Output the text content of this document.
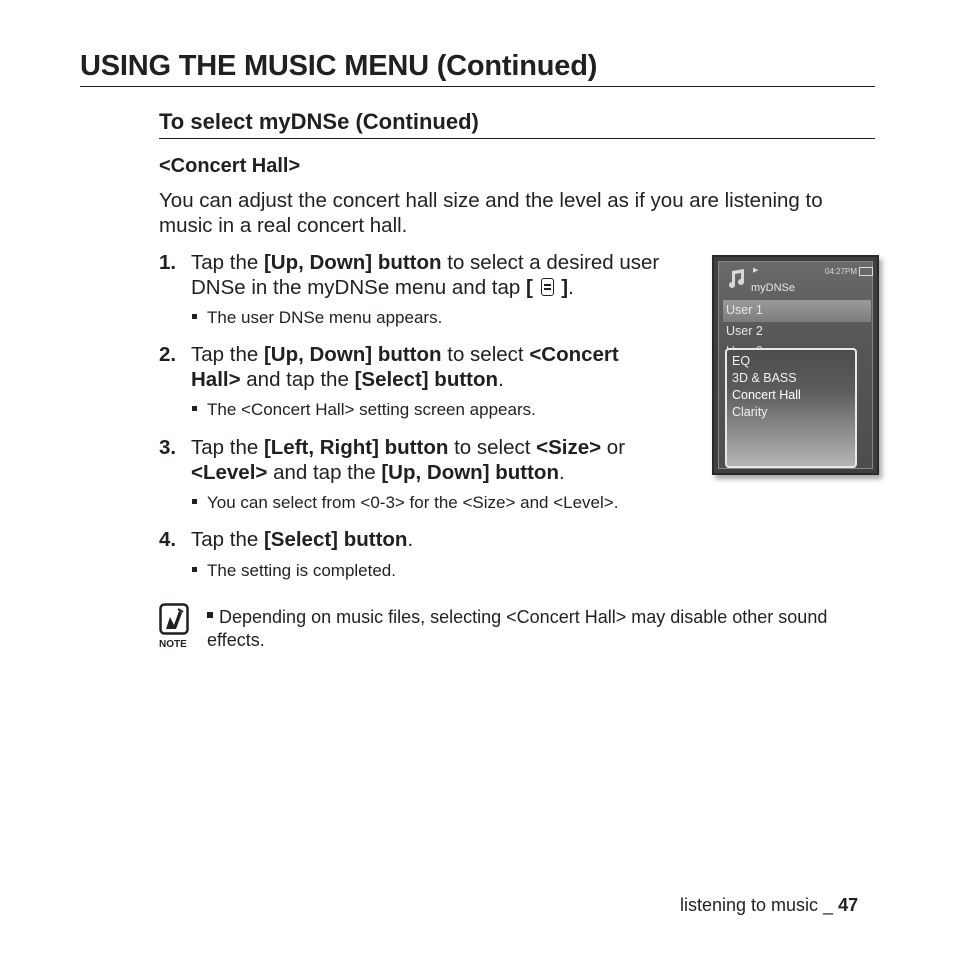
USING THE MUSIC MENU (Continued)
To select myDNSe (Continued)
<Concert Hall>
You can adjust the concert hall size and the level as if you are listening to music in a real concert hall.
1. Tap the [Up, Down] button to select a desired user DNSe in the myDNSe menu and tap [ ].
The user DNSe menu appears.
2. Tap the [Up, Down] button to select <Concert Hall> and tap the [Select] button.
The <Concert Hall> setting screen appears.
3. Tap the [Left, Right] button to select <Size> or <Level> and tap the [Up, Down] button.
You can select from <0-3> for the <Size> and <Level>.
4. Tap the [Select] button.
The setting is completed.
▶	04:27PM
myDNSe
User 1
User 2
EQ
3D & BASS
Concert Hall
Clarity
NOTE
Depending on music files, selecting <Concert Hall> may disable other sound effects.
listening to music _ 47
